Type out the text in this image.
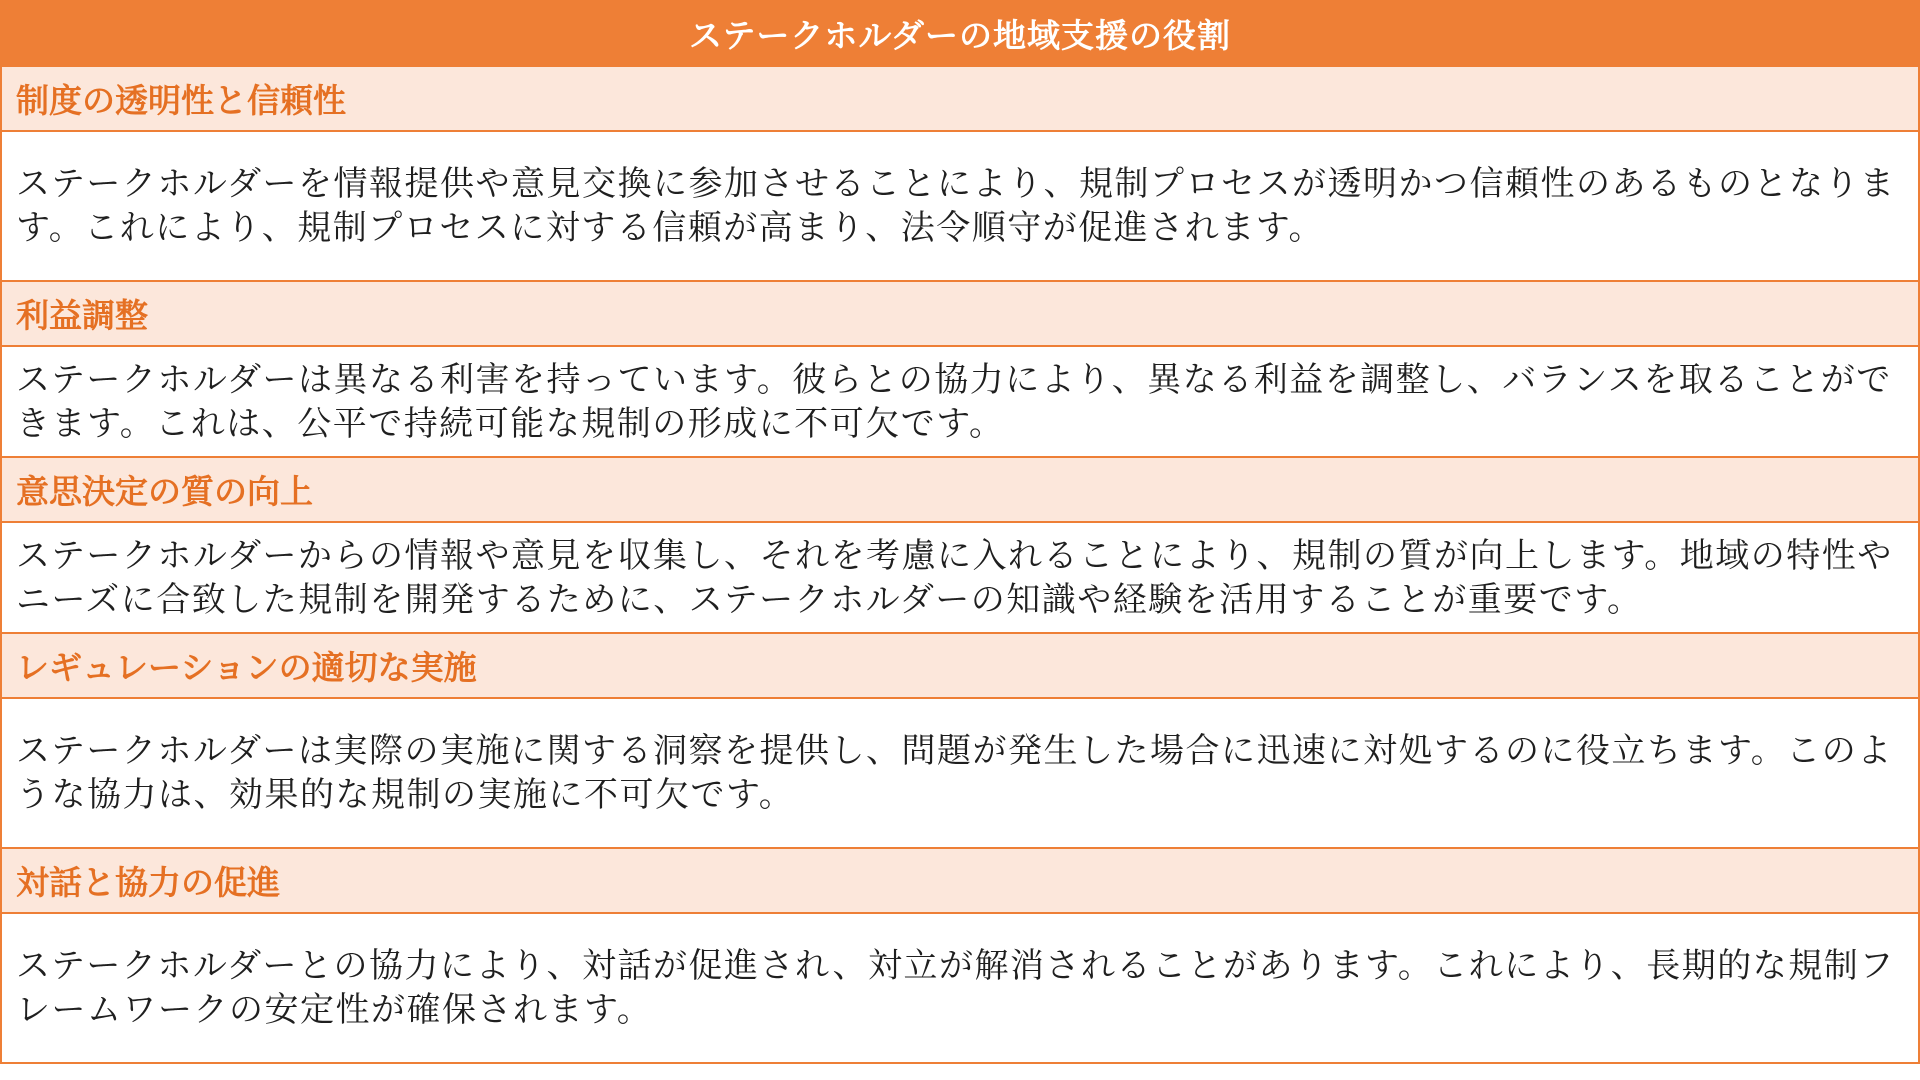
ステークホルダーの地域支援の役割
制度の透明性と信頼性
ステークホルダーを情報提供や意見交換に参加させることにより、規制プロセスが透明かつ信頼性のあるものとなります。これにより、規制プロセスに対する信頼が高まり、法令順守が促進されます。
利益調整
ステークホルダーは異なる利害を持っています。彼らとの協力により、異なる利益を調整し、バランスを取ることができます。これは、公平で持続可能な規制の形成に不可欠です。
意思決定の質の向上
ステークホルダーからの情報や意見を収集し、それを考慮に入れることにより、規制の質が向上します。地域の特性やニーズに合致した規制を開発するために、ステークホルダーの知識や経験を活用することが重要です。
レギュレーションの適切な実施
ステークホルダーは実際の実施に関する洞察を提供し、問題が発生した場合に迅速に対処するのに役立ちます。このような協力は、効果的な規制の実施に不可欠です。
対話と協力の促進
ステークホルダーとの協力により、対話が促進され、対立が解消されることがあります。これにより、長期的な規制フレームワークの安定性が確保されます。
